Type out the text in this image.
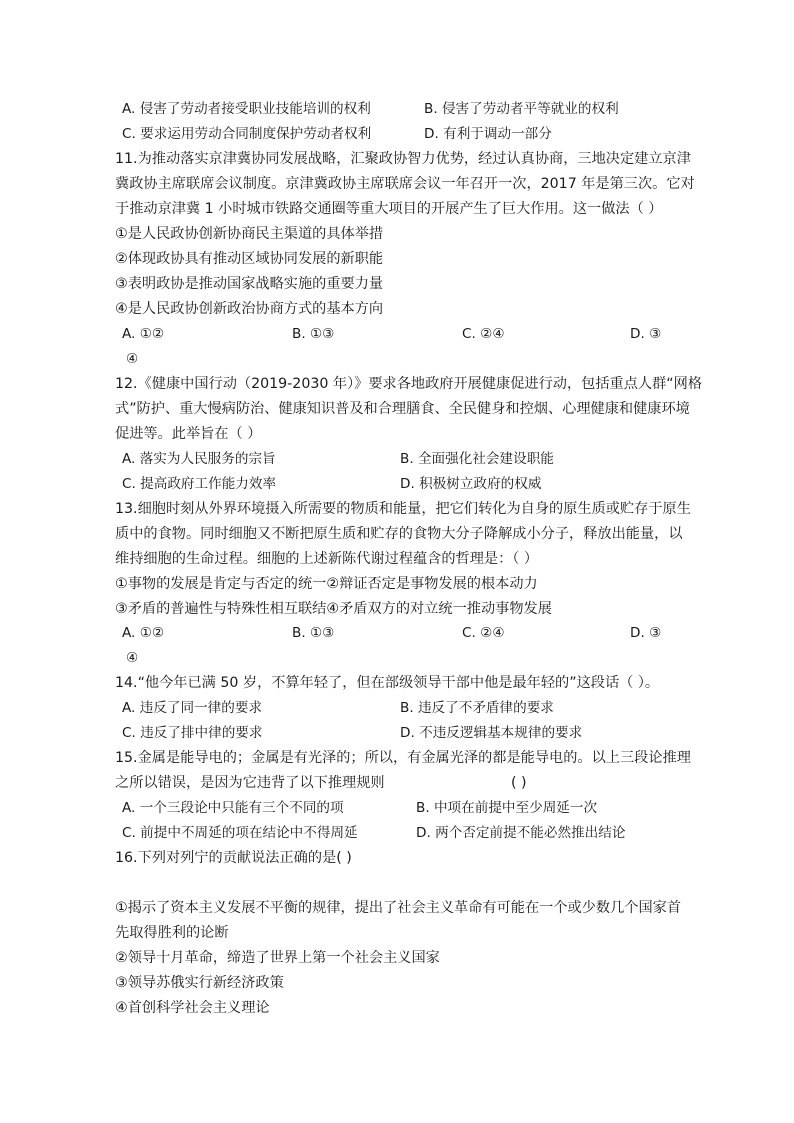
A. 侵害了劳动者接受职业技能培训的权利	B. 侵害了劳动者平等就业的权利
C. 要求运用劳动合同制度保护劳动者权利	D. 有利于调动一部分
11.为推动落实京津冀协同发展战略，汇聚政协智力优势，经过认真协商，三地决定建立京津
冀政协主席联席会议制度。京津冀政协主席联席会议一年召开一次，2017 年是第三次。它对
于推动京津冀 1 小时城市铁路交通圈等重大项目的开展产生了巨大作用。这一做法（ ）
①是人民政协创新协商民主渠道的具体举措
②体现政协具有推动区域协同发展的新职能
③表明政协是推动国家战略实施的重要力量
④是人民政协创新政治协商方式的基本方向
A. ①②	B. ①③	C. ②④	D. ③
④
12.《健康中国行动（2019-2030 年）》要求各地政府开展健康促进行动，包括重点人群“网格
式”防护、重大慢病防治、健康知识普及和合理膳食、全民健身和控烟、心理健康和健康环境
促进等。此举旨在（ ）
A. 落实为人民服务的宗旨	B. 全面强化社会建设职能
C. 提高政府工作能力效率	D. 积极树立政府的权威
13.细胞时刻从外界环境摄入所需要的物质和能量，把它们转化为自身的原生质或贮存于原生
质中的食物。同时细胞又不断把原生质和贮存的食物大分子降解成小分子，释放出能量，以
维持细胞的生命过程。细胞的上述新陈代谢过程蕴含的哲理是：（ ）
①事物的发展是肯定与否定的统一②辩证否定是事物发展的根本动力
③矛盾的普遍性与特殊性相互联结④矛盾双方的对立统一推动事物发展
A. ①②	B. ①③	C. ②④	D. ③
④
14.“他今年已满 50 岁，不算年轻了，但在部级领导干部中他是最年轻的”这段话（ ）。
A. 违反了同一律的要求	B. 违反了不矛盾律的要求
C. 违反了排中律的要求	D. 不违反逻辑基本规律的要求
15.金属是能导电的；金属是有光泽的；所以，有金属光泽的都是能导电的。以上三段论推理
之所以错误，是因为它违背了以下推理规则	( )
A. 一个三段论中只能有三个不同的项	B. 中项在前提中至少周延一次
C. 前提中不周延的项在结论中不得周延	D. 两个否定前提不能必然推出结论
16.下列对列宁的贡献说法正确的是( )
①揭示了资本主义发展不平衡的规律，提出了社会主义革命有可能在一个或少数几个国家首
先取得胜利的论断
②领导十月革命，缔造了世界上第一个社会主义国家
③领导苏俄实行新经济政策
④首创科学社会主义理论
